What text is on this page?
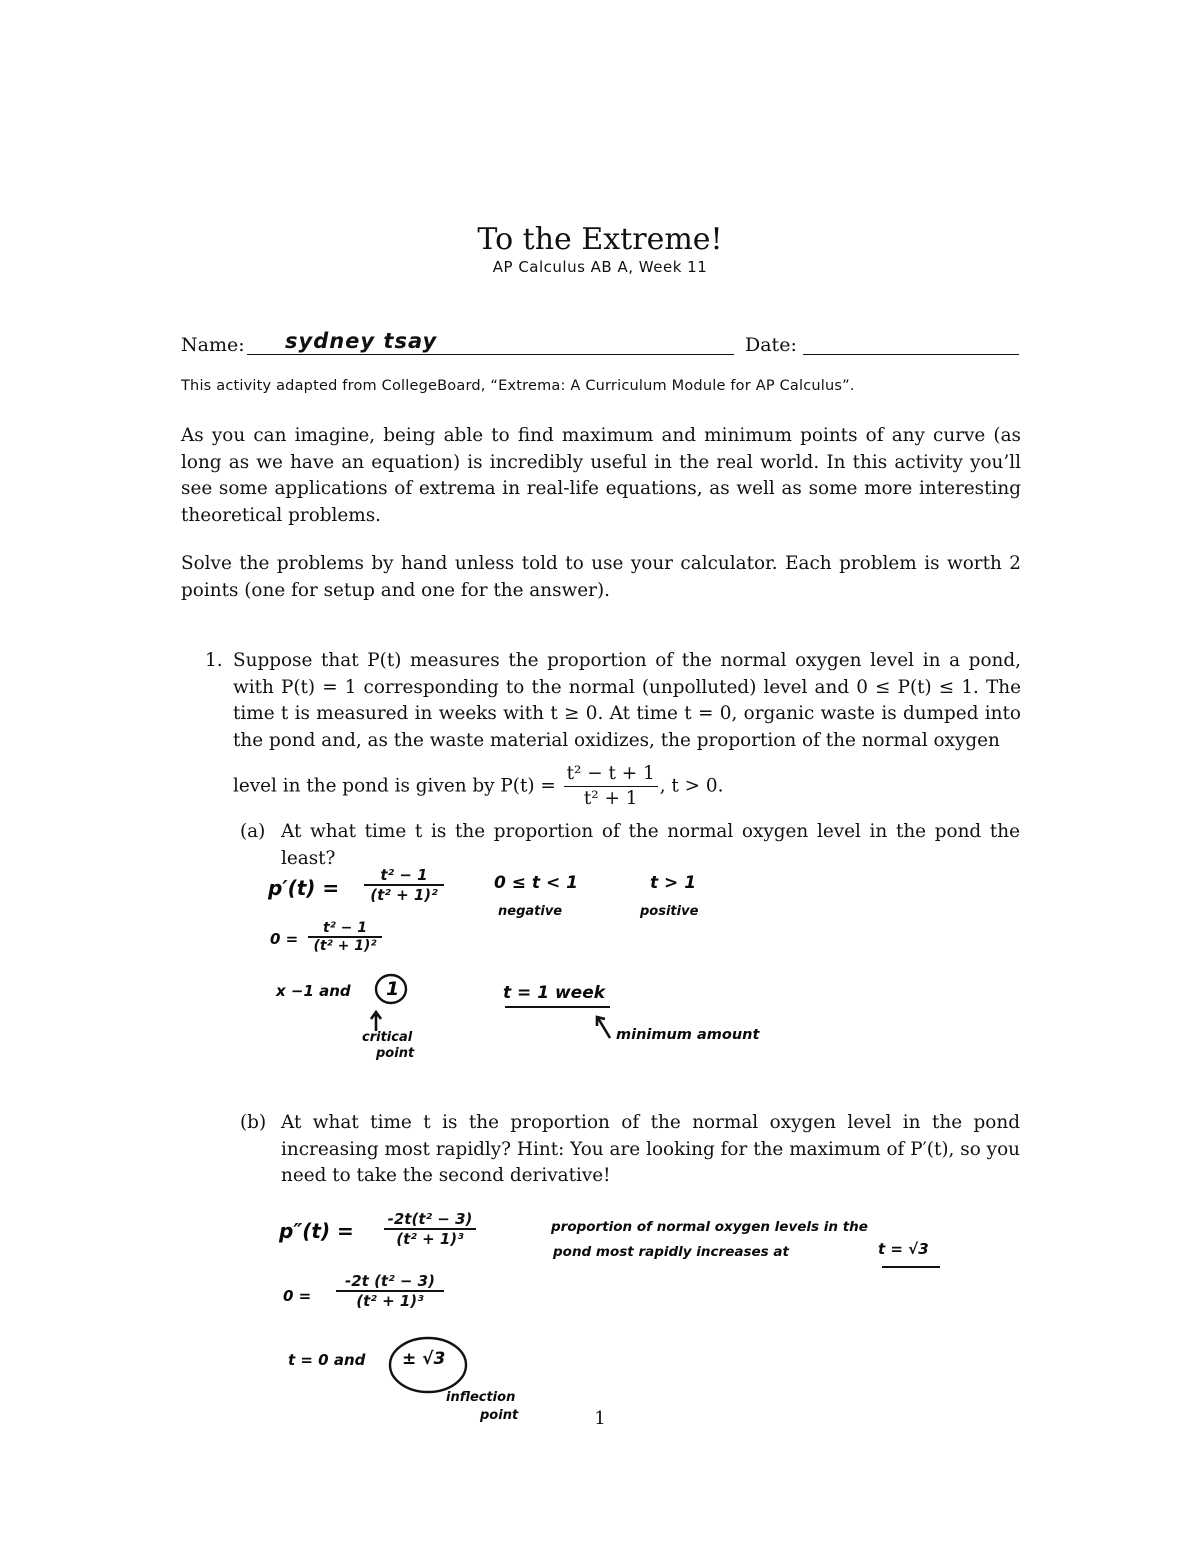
To the Extreme!
AP Calculus AB A, Week 11
Name: sydney tsay	Date:
This activity adapted from CollegeBoard, “Extrema: A Curriculum Module for AP Calculus”.
As you can imagine, being able to find maximum and minimum points of any curve (as long as we have an equation) is incredibly useful in the real world. In this activity you’ll see some applications of extrema in real-life equations, as well as some more interesting theoretical problems.
Solve the problems by hand unless told to use your calculator. Each problem is worth 2 points (one for setup and one for the answer).
1. Suppose that P(t) measures the proportion of the normal oxygen level in a pond, with P(t) = 1 corresponding to the normal (unpolluted) level and 0 ≤ P(t) ≤ 1. The time t is measured in weeks with t ≥ 0. At time t = 0, organic waste is dumped into the pond and, as the waste material oxidizes, the proportion of the normal oxygen
level in the pond is given by $P(t) = \frac{\text{t² − t + 1}}{\text{t² + 1}}$ , t > 0.
(a) At what time t is the proportion of the normal oxygen level in the pond the least?
p′(t) =
t² − 1
(t² + 1)²
0 =
t² − 1
(t² + 1)²
x −1 and 1
critical
point
0 ≤ t < 1
negative
t > 1
positive
t = 1 week
minimum amount
(b) At what time t is the proportion of the normal oxygen level in the pond increasing most rapidly? Hint: You are looking for the maximum of P′(t), so you need to take the second derivative!
p″(t) = -2t(t² − 3)
(t² + 1)³
0 =
-2t (t² − 3)
(t² + 1)³
t = 0 and ± √3
inflection
point
proportion of normal oxygen levels in the
pond most rapidly increases at	t = √3
1
